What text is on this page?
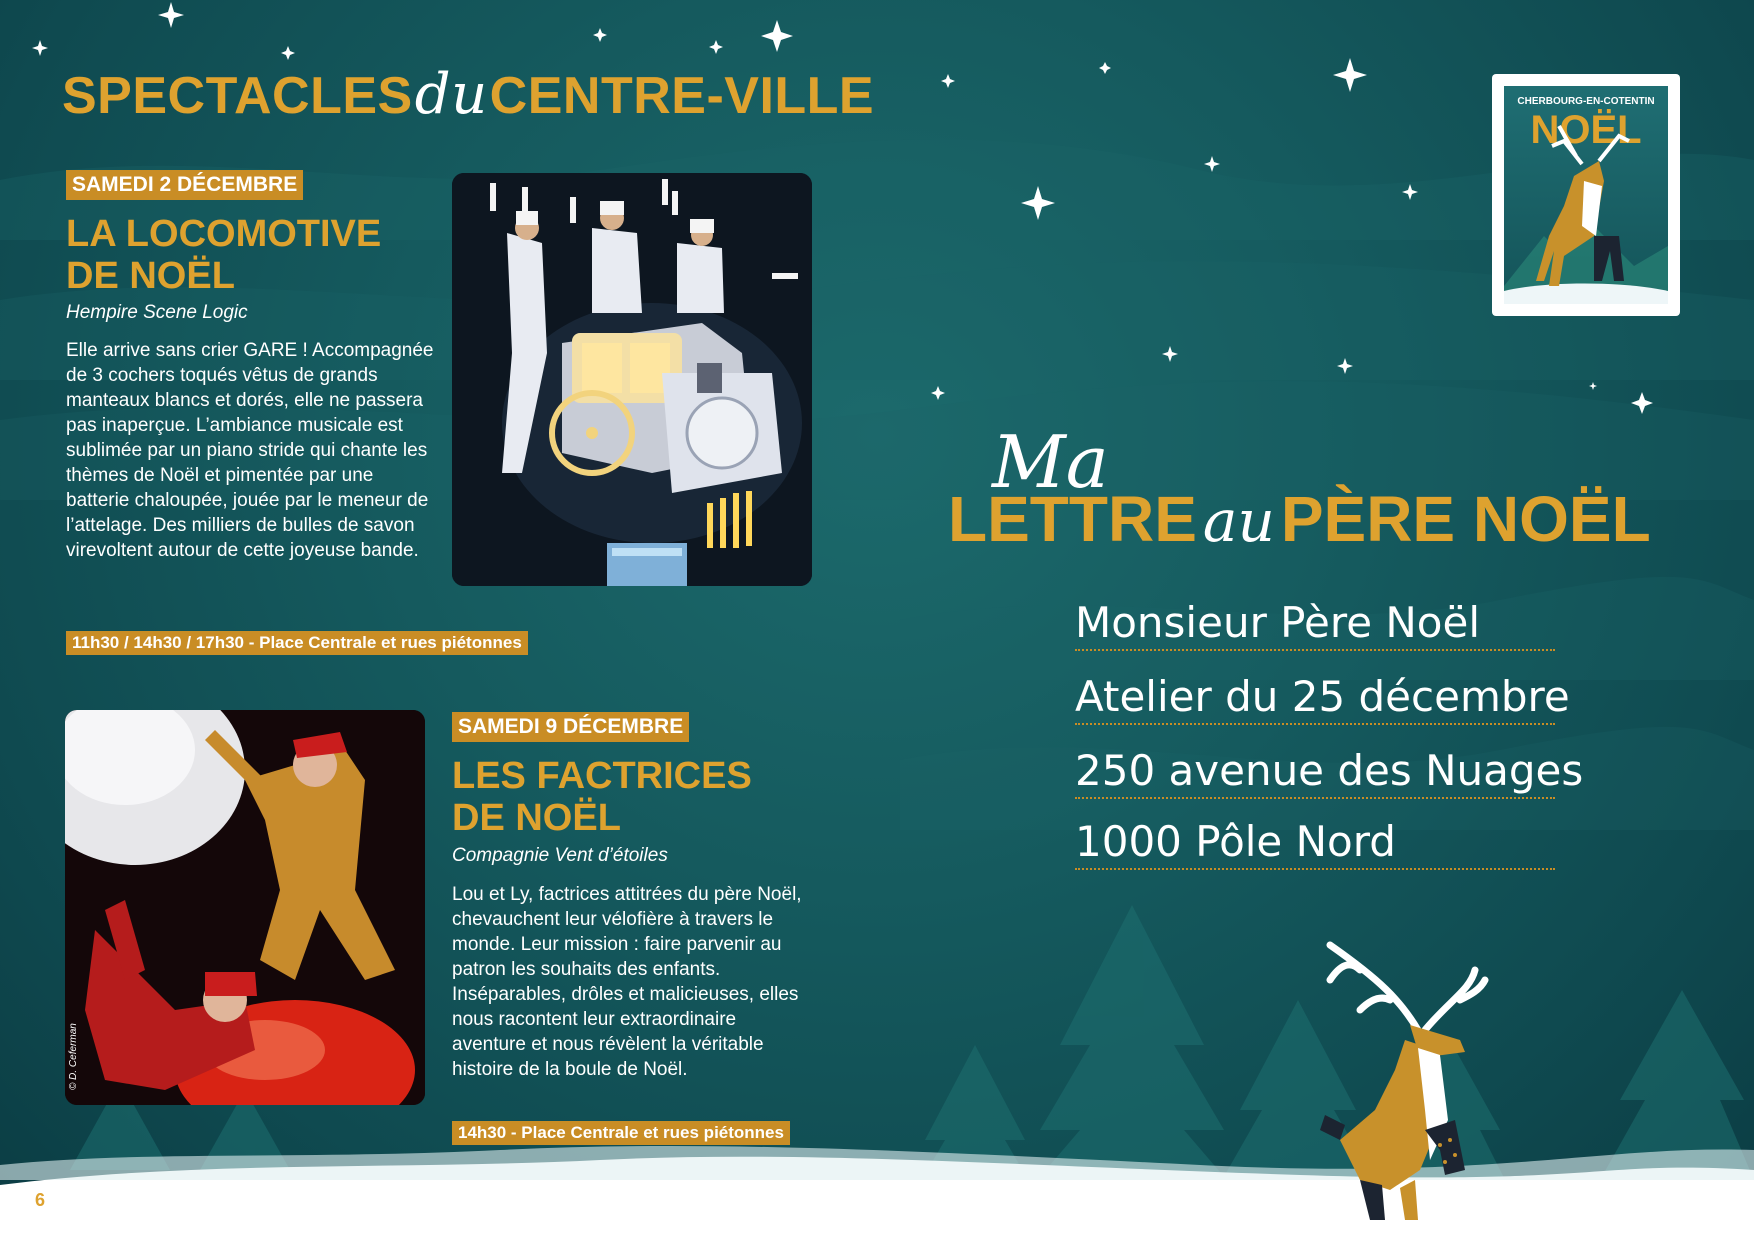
SPECTACLESduCENTRE-VILLE
SAMEDI 2 DÉCEMBRE
LA LOCOMOTIVE
DE NOËL
Hempire Scene Logic
Elle arrive sans crier GARE ! Accompagnée de 3 cochers toqués vêtus de grands manteaux blancs et dorés, elle ne passera pas inaperçue. L’ambiance musicale est sublimée par un piano stride qui chante les thèmes de Noël et pimentée par une batterie chaloupée, jouée par le meneur de l’attelage. Des milliers de bulles de savon virevoltent autour de cette joyeuse bande.
11h30 / 14h30 / 17h30 - Place Centrale et rues piétonnes
© D. Ceferman
SAMEDI 9 DÉCEMBRE
LES FACTRICES
DE NOËL
Compagnie Vent d’étoiles
Lou et Ly, factrices attitrées du père Noël, chevauchent leur vélofière à travers le monde. Leur mission : faire parvenir au patron les souhaits des enfants. Inséparables, drôles et malicieuses, elles nous racontent leur extraordinaire aventure et nous révèlent la véritable histoire de la boule de Noël.
14h30 - Place Centrale et rues piétonnes
6
CHERBOURG-EN-COTENTIN
NOËL
Ma
LETTRE auPÈRE NOËL
Monsieur Père Noël
Atelier du 25 décembre
250 avenue des Nuages
1000 Pôle Nord
